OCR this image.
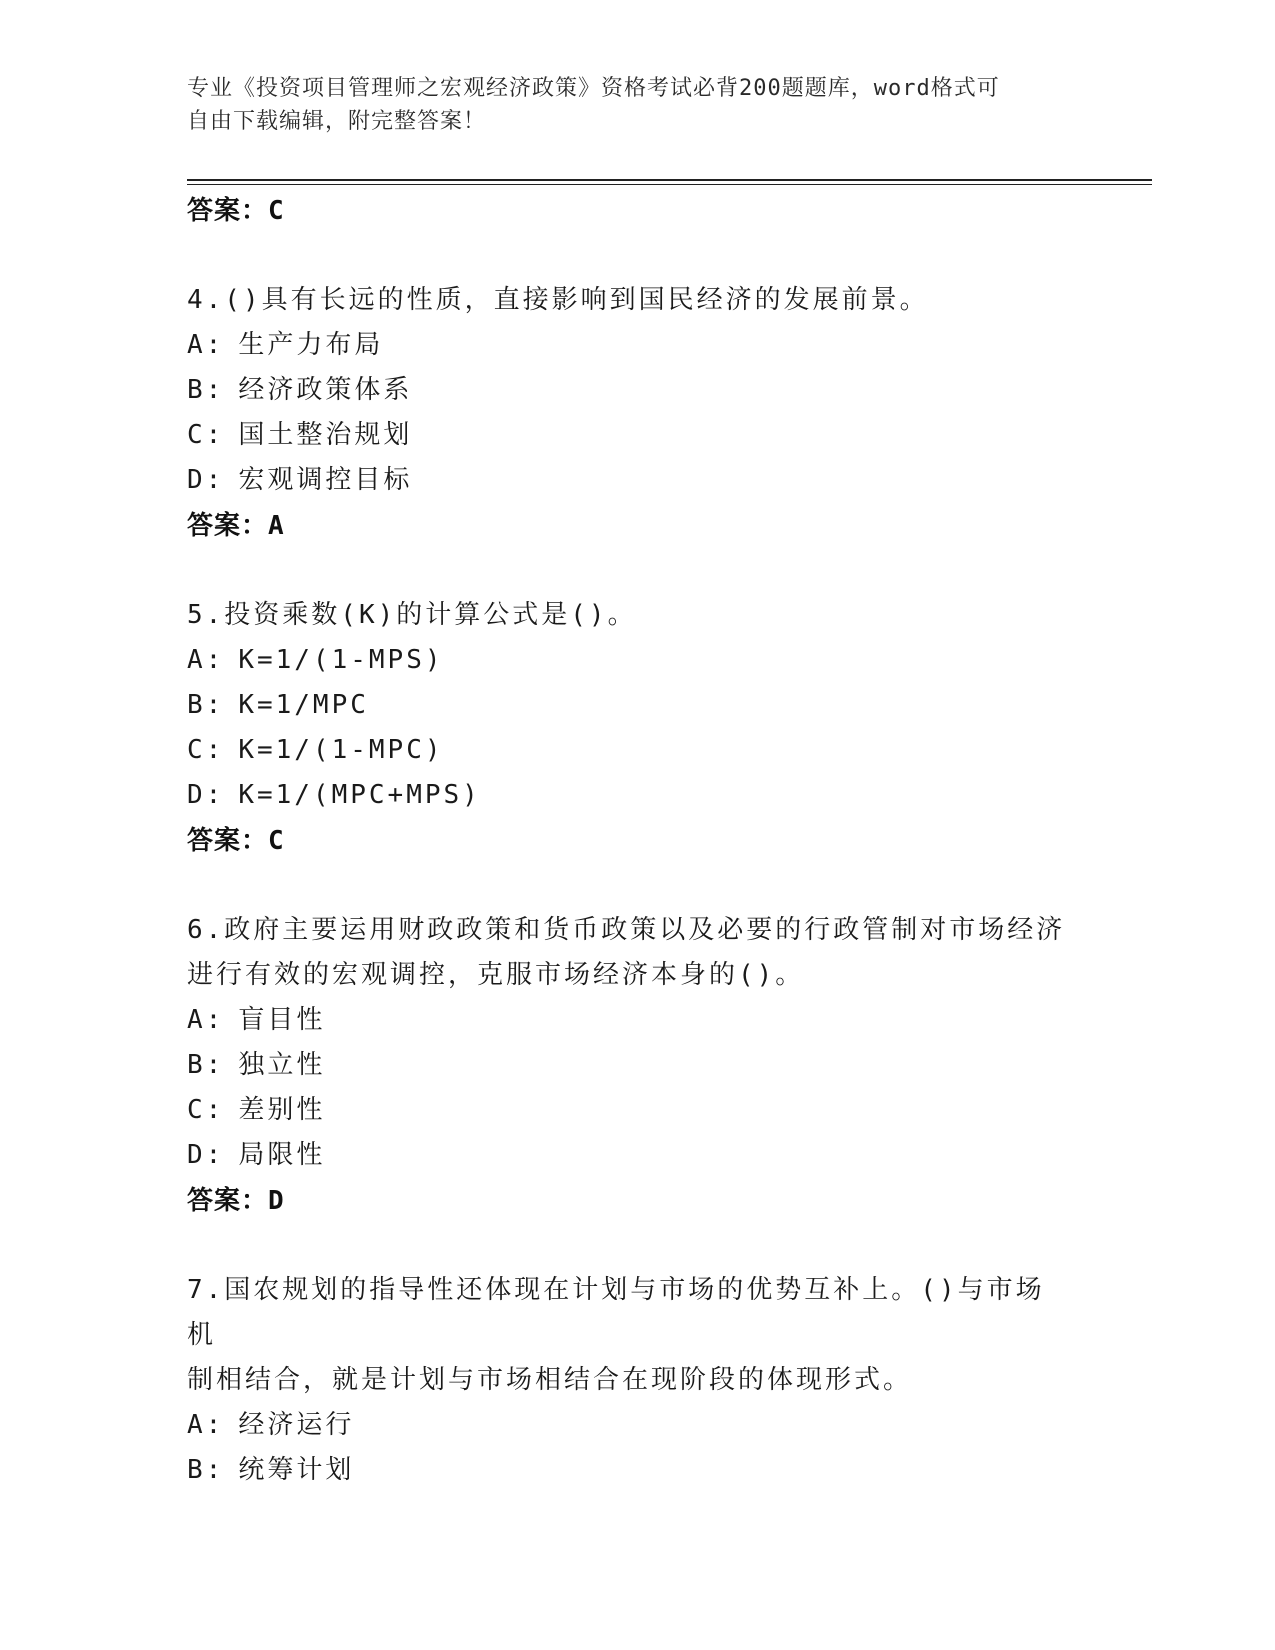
专业《投资项目管理师之宏观经济政策》资格考试必背200题题库，word格式可
自由下载编辑，附完整答案！
答案：C
4.()具有长远的性质，直接影响到国民经济的发展前景。
A: 生产力布局
B: 经济政策体系
C: 国土整治规划
D: 宏观调控目标
答案：A
5.投资乘数(K)的计算公式是()。
A: K=1/(1-MPS)
B: K=1/MPC
C: K=1/(1-MPC)
D: K=1/(MPC+MPS)
答案：C
6.政府主要运用财政政策和货币政策以及必要的行政管制对市场经济
进行有效的宏观调控，克服市场经济本身的()。
A: 盲目性
B: 独立性
C: 差别性
D: 局限性
答案：D
7.国农规划的指导性还体现在计划与市场的优势互补上。()与市场机
制相结合，就是计划与市场相结合在现阶段的体现形式。
A: 经济运行
B: 统筹计划
